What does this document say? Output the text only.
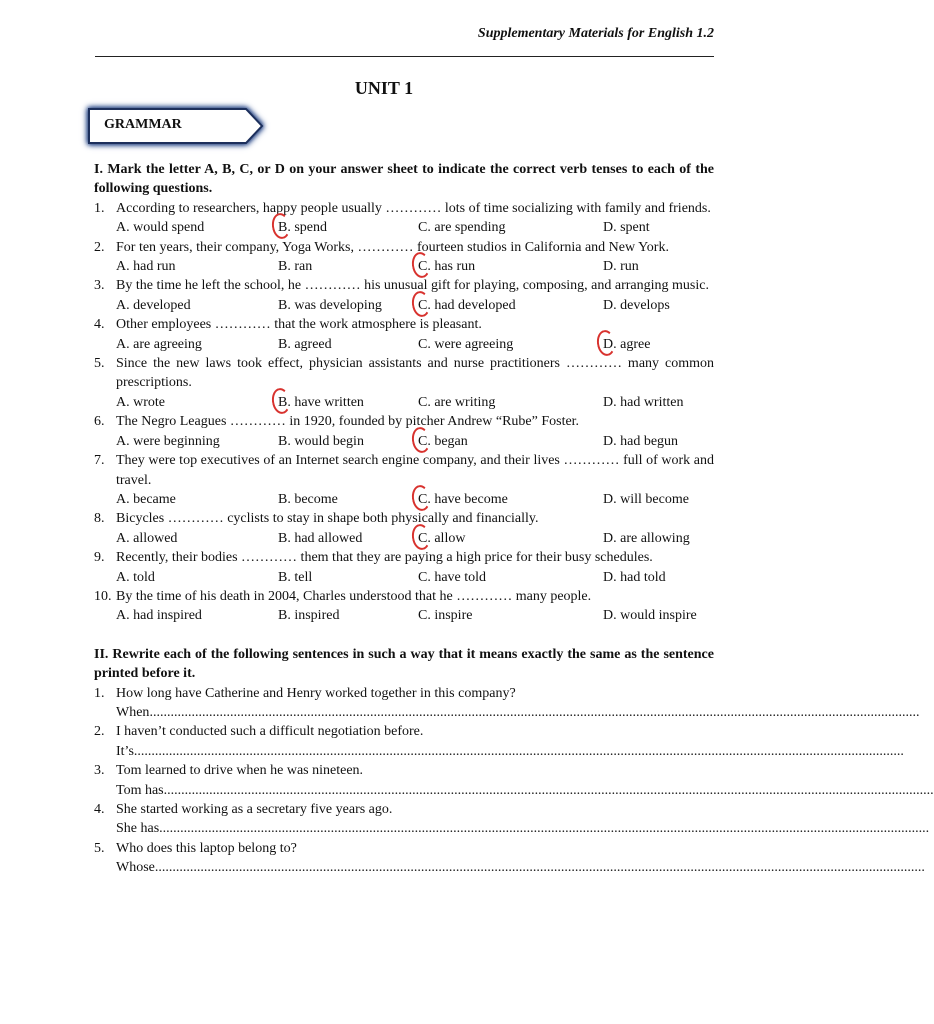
Supplementary Materials for English 1.2
UNIT 1
GRAMMAR
I. Mark the letter A, B, C, or D on your answer sheet to indicate the correct verb tenses to each of the following questions.
1. According to researchers, happy people usually ………… lots of time socializing with family and friends.
A. would spend	B. spend	C. are spending	D. spent
2. For ten years, their company, Yoga Works, ………… fourteen studios in California and New York.
A. had run	B. ran	C. has run	D. run
3. By the time he left the school, he ………… his unusual gift for playing, composing, and arranging music.
A. developed	B. was developing	C. had developed	D. develops
4. Other employees ………… that the work atmosphere is pleasant.
A. are agreeing	B. agreed	C. were agreeing	D. agree
5. Since the new laws took effect, physician assistants and nurse practitioners ………… many common prescriptions.
A. wrote	B. have written	C. are writing	D. had written
6. The Negro Leagues ………… in 1920, founded by pitcher Andrew “Rube” Foster.
A. were beginning	B. would begin	C. began	D. had begun
7. They were top executives of an Internet search engine company, and their lives ………… full of work and travel.
A. became	B. become	C. have become	D. will become
8. Bicycles ………… cyclists to stay in shape both physically and financially.
A. allowed	B. had allowed	C. allow	D. are allowing
9. Recently, their bodies ………… them that they are paying a high price for their busy schedules.
A. told	B. tell	C. have told	D. had told
10. By the time of his death in 2004, Charles understood that he ………… many people.
A. had inspired	B. inspired	C. inspire	D. would inspire
II. Rewrite each of the following sentences in such a way that it means exactly the same as the sentence printed before it.
1. How long have Catherine and Henry worked together in this company?
When ............................................................................................................................................................................................................................
2. I haven’t conducted such a difficult negotiation before.
It’s ............................................................................................................................................................................................................................
3. Tom learned to drive when he was nineteen.
Tom has ............................................................................................................................................................................................................................
4. She started working as a secretary five years ago.
She has ............................................................................................................................................................................................................................
5. Who does this laptop belong to?
Whose ............................................................................................................................................................................................................................
